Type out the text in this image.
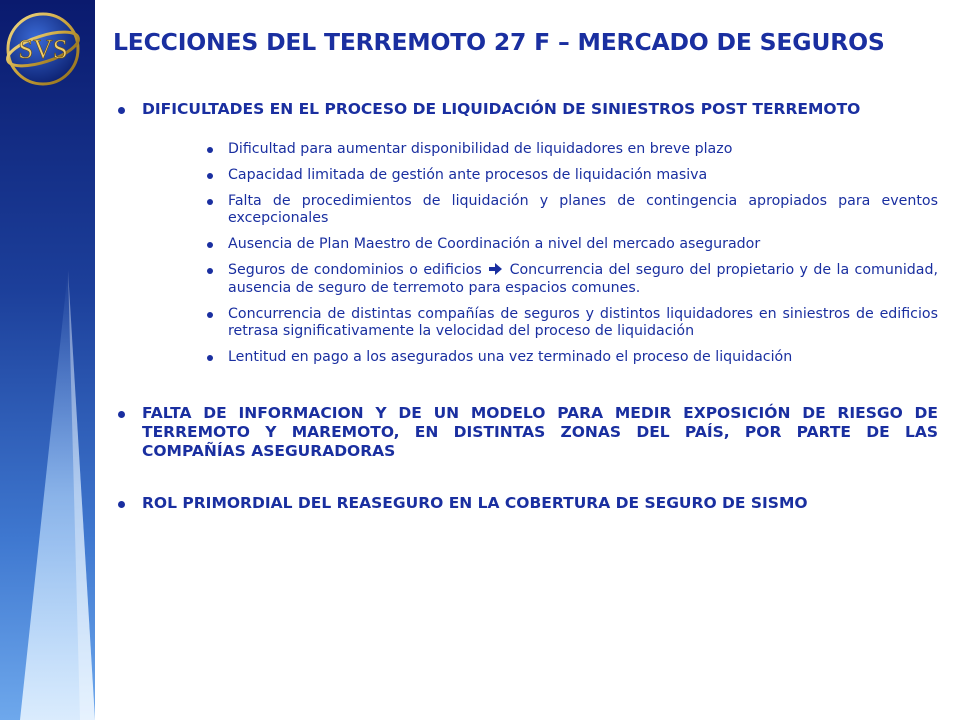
SVS LECCIONES DEL TERREMOTO 27 F – MERCADO DE SEGUROS
DIFICULTADES EN EL PROCESO DE LIQUIDACIÓN DE SINIESTROS POST TERREMOTO
Dificultad para aumentar disponibilidad de liquidadores en breve plazo
Capacidad limitada de gestión ante procesos de liquidación masiva
Falta de procedimientos de liquidación y planes de contingencia apropiados para eventos excepcionales
Ausencia de Plan Maestro de Coordinación a nivel del mercado asegurador
Seguros de condominios o edificios Concurrencia del seguro del propietario y de la comunidad, ausencia de seguro de terremoto para espacios comunes.
Concurrencia de distintas compañías de seguros y distintos liquidadores en siniestros de edificios retrasa significativamente la velocidad del proceso de liquidación
Lentitud en pago a los asegurados una vez terminado el proceso de liquidación
FALTA DE INFORMACION Y DE UN MODELO PARA MEDIR EXPOSICIÓN DE RIESGO DE TERREMOTO Y MAREMOTO, EN DISTINTAS ZONAS DEL PAÍS, POR PARTE DE LAS COMPAÑÍAS ASEGURADORAS
ROL PRIMORDIAL DEL REASEGURO EN LA COBERTURA DE SEGURO DE SISMO
